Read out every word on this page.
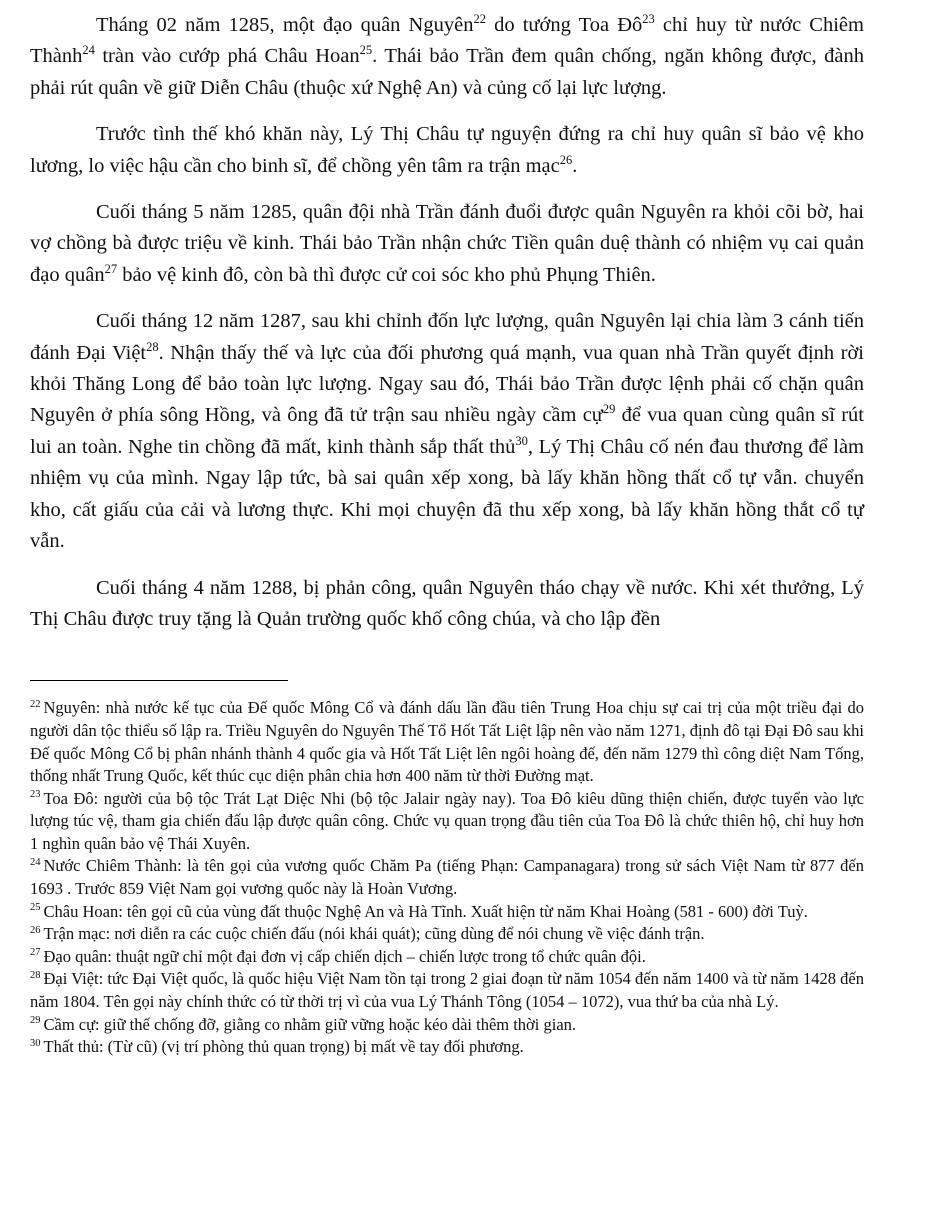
Tháng 02 năm 1285, một đạo quân Nguyên$^{22}$ do tướng Toa $Đô^{23}$ chỉ huy từ nước Chiêm Thành$^{24}$ tràn vào cướp phá Châu Hoan$^{25}$. Thái bảo Trần đem quân chống, ngăn không được, đành phải rút quân về giữ Diễn Châu (thuộc xứ Nghệ An) và củng cố lại lực lượng.

Trước tình thế khó khăn này, Lý Thị Châu tự nguyện đứng ra chỉ huy quân sĩ bảo vệ kho lương, lo việc hậu cần cho binh sĩ, để chồng yên tâm ra trận mạc$^{26}$.

Cuối tháng 5 năm 1285, quân đội nhà Trần đánh đuổi được quân Nguyên ra khỏi cõi bờ, hai vợ chồng bà được triệu về kinh. Thái bảo Trần nhận chức Tiền quân duệ thành có nhiệm vụ cai quản đạo quân$^{27}$ bảo vệ kinh đô, còn bà thì được cử coi sóc kho phủ Phụng Thiên.

Cuối tháng 12 năm 1287, sau khi chỉnh đốn lực lượng, quân Nguyên lại chia làm 3 cánh tiến đánh Đại Việt$^{28}$. Nhận thấy thế và lực của đối phương quá mạnh, vua quan nhà Trần quyết định rời khỏi Thăng Long để bảo toàn lực lượng. Ngay sau đó, Thái bảo Trần được lệnh phải cố chặn quân Nguyên ở phía sông Hồng, và ông đã tử trận sau nhiều ngày cầm cự$^{29}$ để vua quan cùng quân sĩ rút lui an toàn. Nghe tin chồng đã mất, kinh thành sắp thất thủ$^{30}$, Lý Thị Châu cố nén đau thương để làm nhiệm vụ của mình. Ngay lập tức, bà sai quân xếp xong, bà lấy khăn hồng thất cổ tự vẫn. chuyển kho, cất giấu của cải và lương thực. Khi mọi chuyện đã thu xếp xong, bà lấy khăn hồng thắt cổ tự vẫn.

Cuối tháng 4 năm 1288, bị phản công, quân Nguyên tháo chạy về nước. Khi xét thưởng, Lý Thị Châu được truy tặng là Quản trường quốc khố công chúa, và cho lập đền

$^{22}$ Nguyên: nhà nước kế tục của Đế quốc Mông Cổ và đánh dấu lần đầu tiên Trung Hoa chịu sự cai trị của một triều đại do người dân tộc thiểu số lập ra. Triều Nguyên do Nguyên Thế Tổ Hốt Tất Liệt lập nên vào năm 1271, định đô tại Đại Đô sau khi Đế quốc Mông Cổ bị phân nhánh thành 4 quốc gia và Hốt Tất Liệt lên ngôi hoàng đế, đến năm 1279 thì công diệt Nam Tống, thống nhất Trung Quốc, kết thúc cục diện phân chia hơn 400 năm từ thời Đường mạt.

$^{23}$ Toa Đô: người của bộ tộc Trát Lạt Diệc Nhi (bộ tộc Jalair ngày nay). Toa Đô kiêu dũng thiện chiến, được tuyển vào lực lượng túc vệ, tham gia chiến đấu lập được quân công. Chức vụ quan trọng đầu tiên của Toa Đô là chức thiên hộ, chỉ huy hơn 1 nghìn quân bảo vệ Thái Xuyên.

$^{24}$ Nước Chiêm Thành: là tên gọi của vương quốc Chăm Pa (tiếng Phạn: Campanagara) trong sử sách Việt Nam từ 877 đến 1693 . Trước 859 Việt Nam gọi vương quốc này là Hoàn Vương.

$^{25}$ Châu Hoan: tên gọi cũ của vùng đất thuộc Nghệ An và Hà Tĩnh. Xuất hiện từ năm Khai Hoàng (581 - 600) đời Tuỳ.

$^{26}$ Trận mạc: nơi diễn ra các cuộc chiến đấu (nói khái quát); cũng dùng để nói chung về việc đánh trận.

$^{27}$ Đạo quân: thuật ngữ chỉ một đại đơn vị cấp chiến dịch – chiến lược trong tổ chức quân đội.

$^{28}$ Đại Việt: tức Đại Việt quốc, là quốc hiệu Việt Nam tồn tại trong 2 giai đoạn từ năm 1054 đến năm 1400 và từ năm 1428 đến năm 1804. Tên gọi này chính thức có từ thời trị vì của vua Lý Thánh Tông (1054 – 1072), vua thứ ba của nhà Lý.

$^{29}$ Cầm cự: giữ thế chống đỡ, giằng co nhằm giữ vững hoặc kéo dài thêm thời gian.

$^{30}$ Thất thủ: (Từ cũ) (vị trí phòng thủ quan trọng) bị mất về tay đối phương.
